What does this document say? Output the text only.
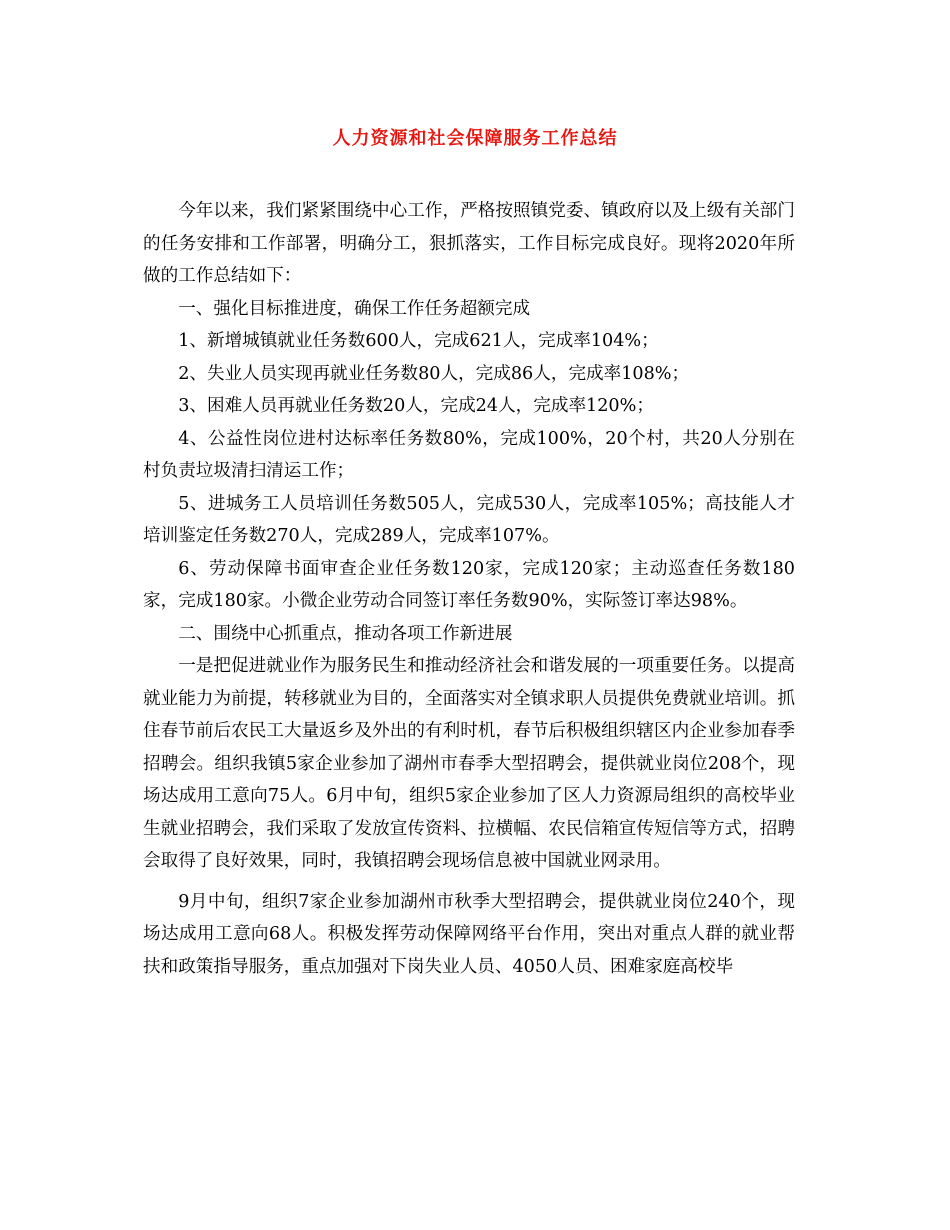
人力资源和社会保障服务工作总结

今年以来，我们紧紧围绕中心工作，严格按照镇党委、镇政府以及上级有关部门的任务安排和工作部署，明确分工，狠抓落实，工作目标完成良好。现将2020年所做的工作总结如下：

一、强化目标推进度，确保工作任务超额完成

1、新增城镇就业任务数600人，完成621人，完成率104%；

2、失业人员实现再就业任务数80人，完成86人，完成率108%；

3、困难人员再就业任务数20人，完成24人，完成率120%；

4、公益性岗位进村达标率任务数80%，完成100%，20个村，共20人分别在村负责垃圾清扫清运工作；

5、进城务工人员培训任务数505人，完成530人，完成率105%；高技能人才培训鉴定任务数270人，完成289人，完成率107%。

6、劳动保障书面审查企业任务数120家，完成120家；主动巡查任务数180家，完成180家。小微企业劳动合同签订率任务数90%，实际签订率达98%。

二、围绕中心抓重点，推动各项工作新进展

一是把促进就业作为服务民生和推动经济社会和谐发展的一项重要任务。以提高就业能力为前提，转移就业为目的，全面落实对全镇求职人员提供免费就业培训。抓住春节前后农民工大量返乡及外出的有利时机，春节后积极组织辖区内企业参加春季招聘会。组织我镇5家企业参加了湖州市春季大型招聘会，提供就业岗位208个，现场达成用工意向75人。6月中旬，组织5家企业参加了区人力资源局组织的高校毕业生就业招聘会，我们采取了发放宣传资料、拉横幅、农民信箱宣传短信等方式，招聘会取得了良好效果，同时，我镇招聘会现场信息被中国就业网录用。

9月中旬，组织7家企业参加湖州市秋季大型招聘会，提供就业岗位240个，现场达成用工意向68人。积极发挥劳动保障网络平台作用，突出对重点人群的就业帮扶和政策指导服务，重点加强对下岗失业人员、4050人员、困难家庭高校毕
